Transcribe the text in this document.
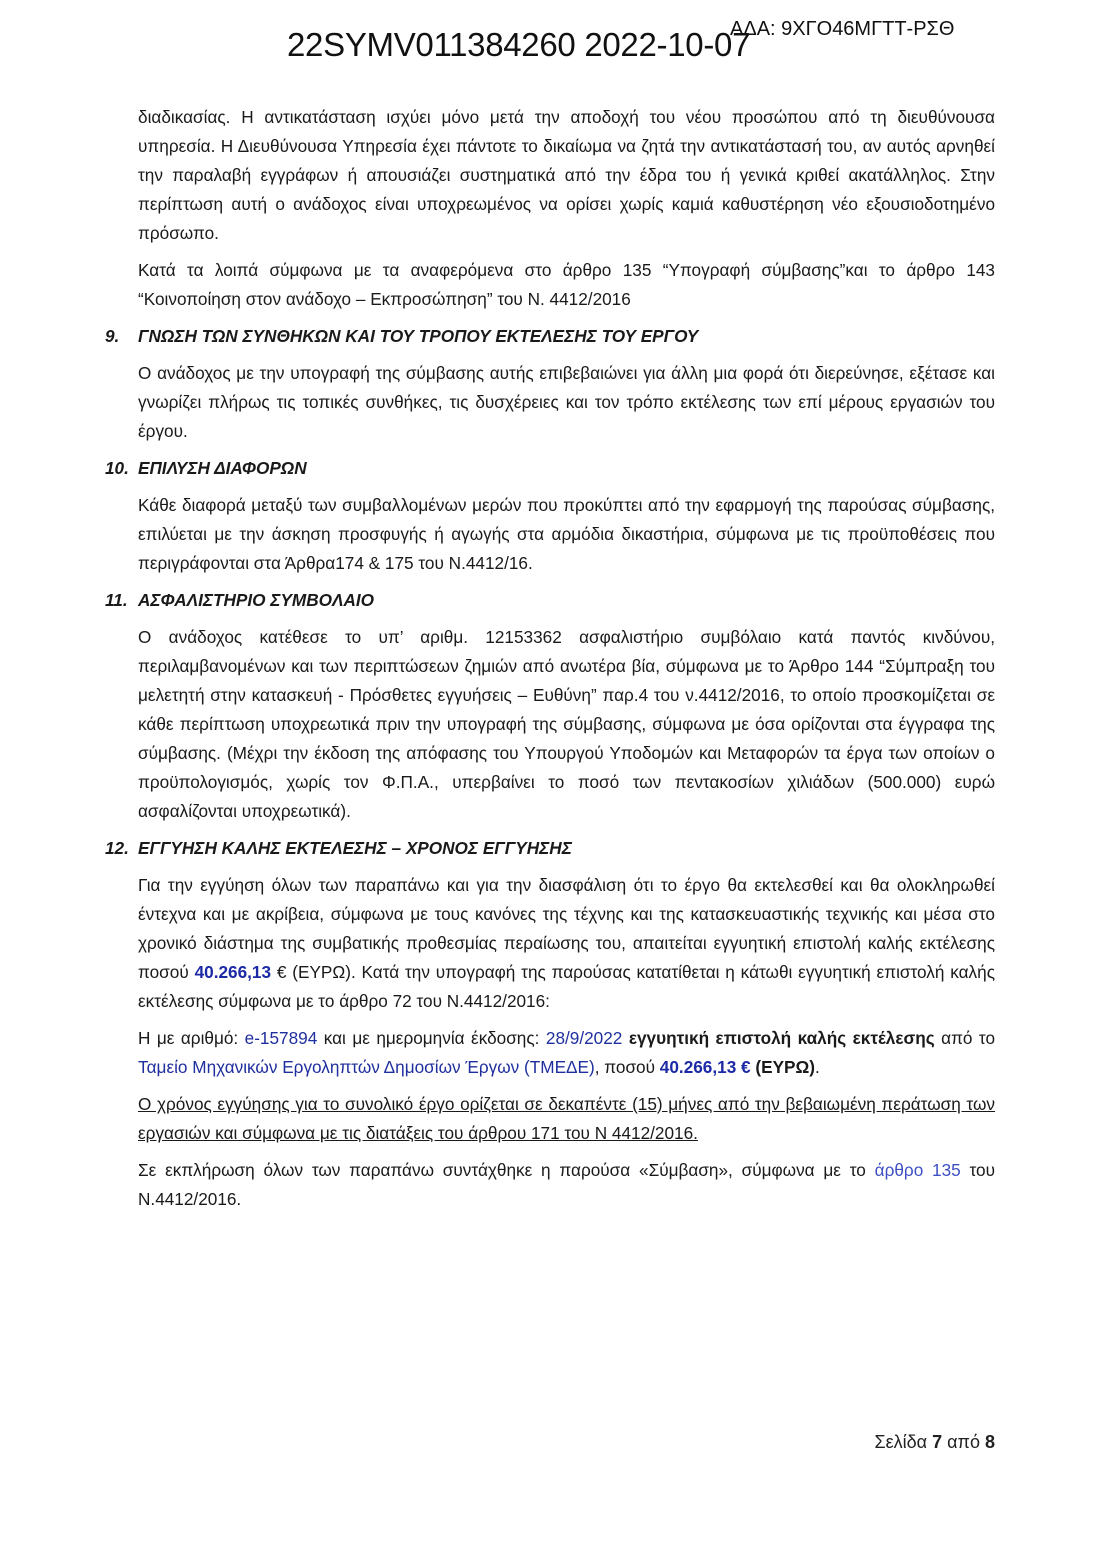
22SYMV011384260 2022-10-07
ΑΔΑ: 9ΧΓΟ46ΜΓΤΤ-ΡΣΘ

διαδικασίας. Η αντικατάσταση ισχύει μόνο μετά την αποδοχή του νέου προσώπου από τη διευθύνουσα υπηρεσία. Η Διευθύνουσα Υπηρεσία έχει πάντοτε το δικαίωμα να ζητά την αντικατάστασή του, αν αυτός αρνηθεί την παραλαβή εγγράφων ή απουσιάζει συστηματικά από την έδρα του ή γενικά κριθεί ακατάλληλος. Στην περίπτωση αυτή ο ανάδοχος είναι υποχρεωμένος να ορίσει χωρίς καμιά καθυστέρηση νέο εξουσιοδοτημένο πρόσωπο.

Κατά τα λοιπά σύμφωνα με τα αναφερόμενα στο άρθρο 135 “Υπογραφή σύμβασης”και το άρθρο 143 “Κοινοποίηση στον ανάδοχο – Εκπροσώπηση” του Ν. 4412/2016

9.	ΓΝΩΣΗ ΤΩΝ ΣΥΝΘΗΚΩΝ ΚΑΙ ΤΟΥ ΤΡΟΠΟΥ ΕΚΤΕΛΕΣΗΣ ΤΟΥ ΕΡΓΟΥ

Ο ανάδοχος με την υπογραφή της σύμβασης αυτής επιβεβαιώνει για άλλη μια φορά ότι διερεύνησε, εξέτασε και γνωρίζει πλήρως τις τοπικές συνθήκες, τις δυσχέρειες και τον τρόπο εκτέλεσης των επί μέρους εργασιών του έργου.

10. ΕΠΙΛΥΣΗ ΔΙΑΦΟΡΩΝ

Κάθε διαφορά μεταξύ των συμβαλλομένων μερών που προκύπτει από την εφαρμογή της παρούσας σύμβασης, επιλύεται με την άσκηση προσφυγής ή αγωγής στα αρμόδια δικαστήρια, σύμφωνα με τις προϋποθέσεις που περιγράφονται στα Άρθρα174 & 175 του Ν.4412/16.

11. ΑΣΦΑΛΙΣΤΗΡΙΟ ΣΥΜΒΟΛΑΙΟ

Ο ανάδοχος κατέθεσε το υπ’ αριθμ. 12153362 ασφαλιστήριο συμβόλαιο κατά παντός κινδύνου, περιλαμβανομένων και των περιπτώσεων ζημιών από ανωτέρα βία, σύμφωνα με το Άρθρο 144 “Σύμπραξη του μελετητή στην κατασκευή - Πρόσθετες εγγυήσεις – Ευθύνη” παρ.4 του ν.4412/2016, το οποίο προσκομίζεται σε κάθε περίπτωση υποχρεωτικά πριν την υπογραφή της σύμβασης, σύμφωνα με όσα ορίζονται στα έγγραφα της σύμβασης. (Μέχρι την έκδοση της απόφασης του Υπουργού Υποδομών και Μεταφορών τα έργα των οποίων ο προϋπολογισμός, χωρίς τον Φ.Π.Α., υπερβαίνει το ποσό των πεντακοσίων χιλιάδων (500.000) ευρώ ασφαλίζονται υποχρεωτικά).

12. ΕΓΓΥΗΣΗ ΚΑΛΗΣ ΕΚΤΕΛΕΣΗΣ – ΧΡΟΝΟΣ ΕΓΓΥΗΣΗΣ

Για την εγγύηση όλων των παραπάνω και για την διασφάλιση ότι το έργο θα εκτελεσθεί και θα ολοκληρωθεί έντεχνα και με ακρίβεια, σύμφωνα με τους κανόνες της τέχνης και της κατασκευαστικής τεχνικής και μέσα στο χρονικό διάστημα της συμβατικής προθεσμίας περαίωσης του, απαιτείται εγγυητική επιστολή καλής εκτέλεσης ποσού 40.266,13 € (ΕΥΡΩ). Κατά την υπογραφή της παρούσας κατατίθεται η κάτωθι εγγυητική επιστολή καλής εκτέλεσης σύμφωνα με το άρθρο 72 του Ν.4412/2016:

Η με αριθμό: e-157894 και με ημερομηνία έκδοσης: 28/9/2022 εγγυητική επιστολή καλής εκτέλεσης από το Ταμείο Μηχανικών Εργοληπτών Δημοσίων Έργων (ΤΜΕΔΕ), ποσού 40.266,13 € (ΕΥΡΩ).

Ο χρόνος εγγύησης για το συνολικό έργο ορίζεται σε δεκαπέντε (15) μήνες από την βεβαιωμένη περάτωση των εργασιών και σύμφωνα με τις διατάξεις του άρθρου 171 του Ν 4412/2016.

Σε εκπλήρωση όλων των παραπάνω συντάχθηκε η παρούσα «Σύμβαση», σύμφωνα με το άρθρο 135 του Ν.4412/2016.

Σελίδα 7 από 8
